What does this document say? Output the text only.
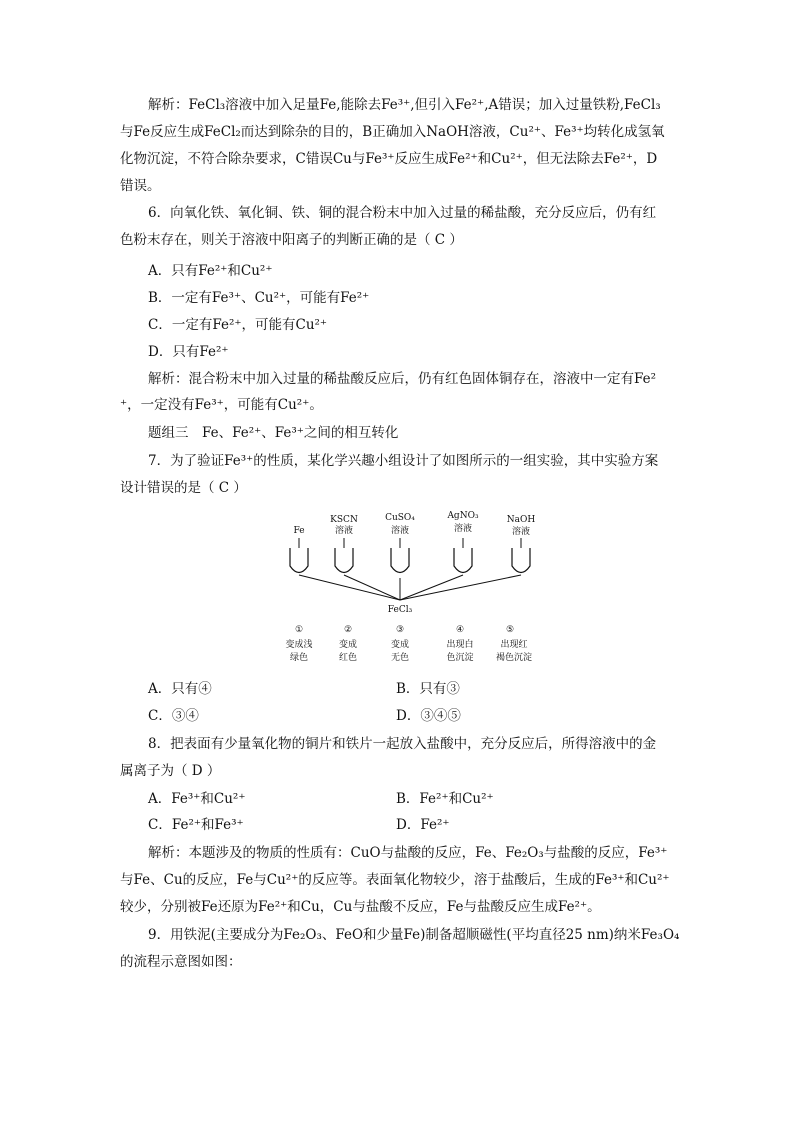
解析：FeCl₃溶液中加入足量Fe,能除去Fe³⁺,但引入Fe²⁺,A错误；加入过量铁粉,FeCl₃
与Fe反应生成FeCl₂而达到除杂的目的，B正确加入NaOH溶液，Cu²⁺、Fe³⁺均转化成氢氧
化物沉淀，不符合除杂要求，C错误Cu与Fe³⁺反应生成Fe²⁺和Cu²⁺，但无法除去Fe²⁺，D
错误。
6．向氧化铁、氧化铜、铁、铜的混合粉末中加入过量的稀盐酸，充分反应后，仍有红
色粉末存在，则关于溶液中阳离子的判断正确的是（ C ）
A．只有Fe²⁺和Cu²⁺
B．一定有Fe³⁺、Cu²⁺，可能有Fe²⁺
C．一定有Fe²⁺，可能有Cu²⁺
D．只有Fe²⁺
解析：混合粉末中加入过量的稀盐酸反应后，仍有红色固体铜存在，溶液中一定有Fe²
⁺，一定没有Fe³⁺，可能有Cu²⁺。
题组三　Fe、Fe²⁺、Fe³⁺之间的相互转化
7．为了验证Fe³⁺的性质，某化学兴趣小组设计了如图所示的一组实验，其中实验方案
设计错误的是（ C ）
Fe
KSCN
溶液
CuSO₄
溶液
AgNO₃
溶液
NaOH
溶液
FeCl₃
①	②	③	④	⑤
变成浅
绿色
变成
红色
变成
无色
出现白
色沉淀
出现红
褐色沉淀
A．只有④	B．只有③
C．③④	D．③④⑤
8．把表面有少量氧化物的铜片和铁片一起放入盐酸中，充分反应后，所得溶液中的金
属离子为（ D ）
A．Fe³⁺和Cu²⁺	B．Fe²⁺和Cu²⁺
C．Fe²⁺和Fe³⁺	D．Fe²⁺
解析：本题涉及的物质的性质有：CuO与盐酸的反应，Fe、Fe₂O₃与盐酸的反应，Fe³⁺
与Fe、Cu的反应，Fe与Cu²⁺的反应等。表面氧化物较少，溶于盐酸后，生成的Fe³⁺和Cu²⁺
较少，分别被Fe还原为Fe²⁺和Cu，Cu与盐酸不反应，Fe与盐酸反应生成Fe²⁺。
9．用铁泥(主要成分为Fe₂O₃、FeO和少量Fe)制备超顺磁性(平均直径25 nm)纳米Fe₃O₄
的流程示意图如图：
